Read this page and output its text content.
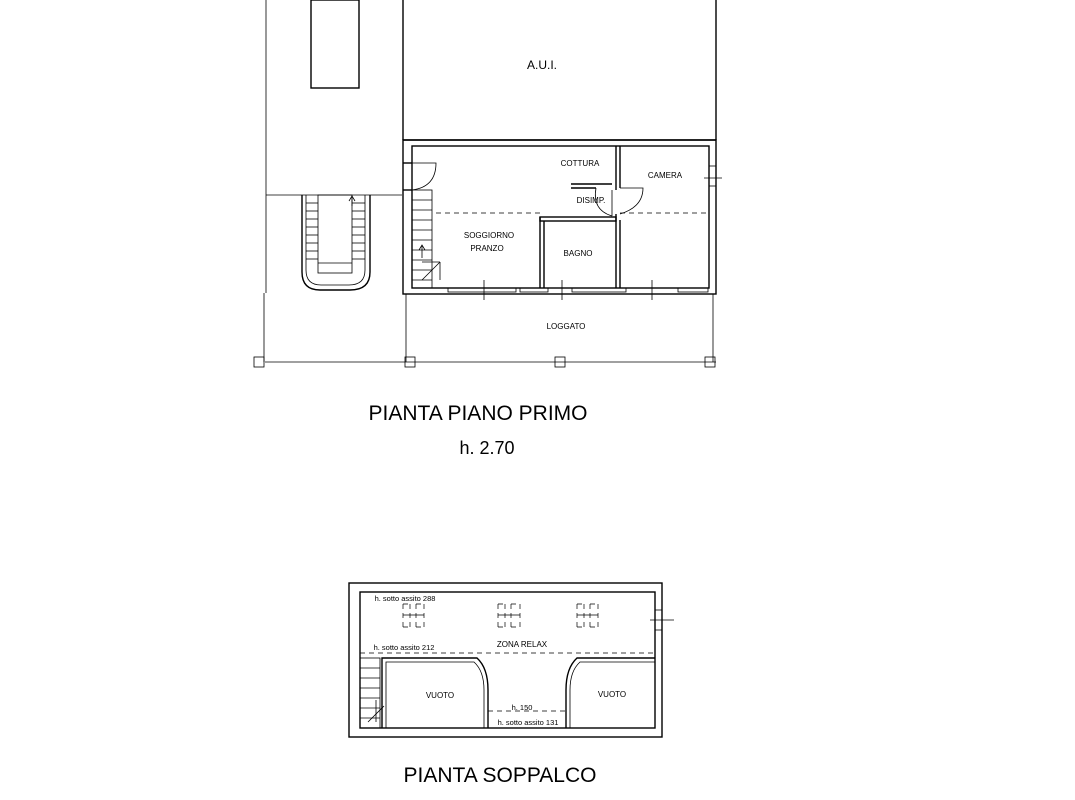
A.U.I.
COTTURA
CAMERA
DISIMP.
SOGGIORNO
PRANZO
BAGNO
LOGGATO
PIANTA PIANO PRIMO
h. 2.70
h. sotto assito 288
h. sotto assito 212	ZONA RELAX
VUOTO	VUOTO
h. 150
h. sotto assito 131
PIANTA SOPPALCO
